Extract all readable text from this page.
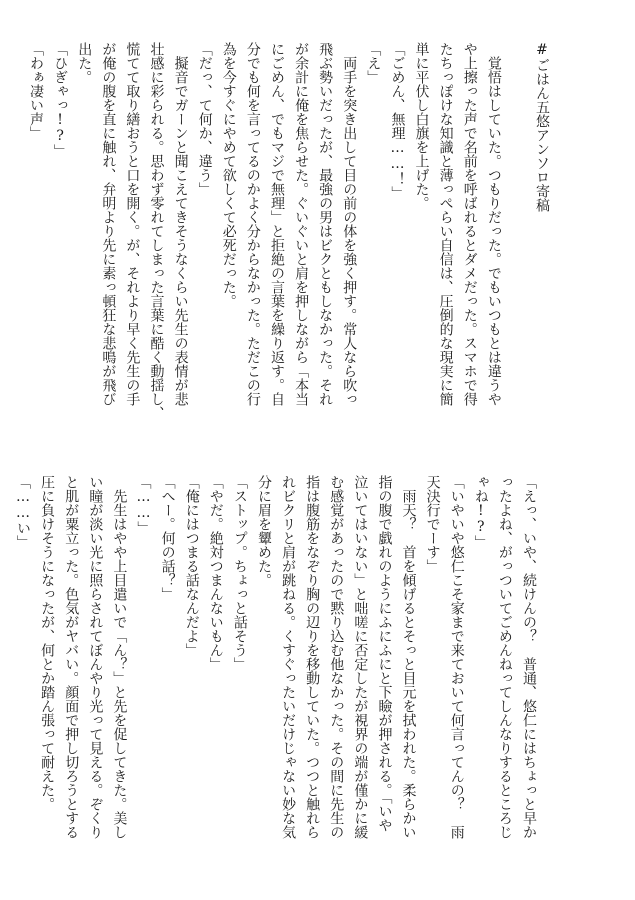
#ごはん五悠アンソロ寄稿

　覚悟はしていた。つもりだった。でもいつもとは違うや
や上擦った声で名前を呼ばれるとダメだった。スマホで得
たちっぽけな知識と薄っぺらい自信は、圧倒的な現実に簡
単に平伏し白旗を上げた。
「ごめん、無理……！」
「え」
　両手を突き出して目の前の体を強く押す。常人なら吹っ
飛ぶ勢いだったが、最強の男はビクともしなかった。それ
が余計に俺を焦らせた。ぐいぐいと肩を押しながら「本当
にごめん、でもマジで無理」と拒絶の言葉を繰り返す。自
分でも何を言ってるのかよく分からなかった。ただこの行
為を今すぐにやめて欲しくて必死だった。
「だっ、て何か、違う」
　擬音でガーンと聞こえてきそうなくらい先生の表情が悲
壮感に彩られる。思わず零れてしまった言葉に酷く動揺し、
慌てて取り繕おうと口を開く。が、それより早く先生の手
が俺の腹を直に触れ、弁明より先に素っ頓狂な悲鳴が飛び
出た。
「ひぎゃっ!?」
「わぁ凄い声」
「えっ、いや、続けんの？　普通、悠仁にはちょっと早か
ったよね、がっついてごめんねってしんなりするところじ
ゃね!?」
「いやいや悠仁こそ家まで来ておいて何言ってんの？　雨
天決行でーす」
　雨天？　首を傾げるとそっと目元を拭われた。柔らかい
指の腹で戯れのようにふにふにと下瞼が押される。「いや
泣いてはいない」と咄嗟に否定したが視界の端が僅かに緩
む感覚があったので黙り込む他なかった。その間に先生の
指は腹筋をなぞり胸の辺りを移動していた。つつと触れら
れビクリと肩が跳ねる。くすぐったいだけじゃない妙な気
分に眉を顰めた。
「ストップ。ちょっと話そう」
「やだ。絶対つまんないもん」
「俺にはつまる話なんだよ」
「へー。何の話？」
「……」
　先生はやや上目遣いで「ん？」と先を促してきた。美し
い瞳が淡い光に照らされてぼんやり光って見える。ぞくり
と肌が粟立った。色気がヤバい。顔面で押し切ろうとする
圧に負けそうになったが、何とか踏ん張って耐えた。
「……い」
